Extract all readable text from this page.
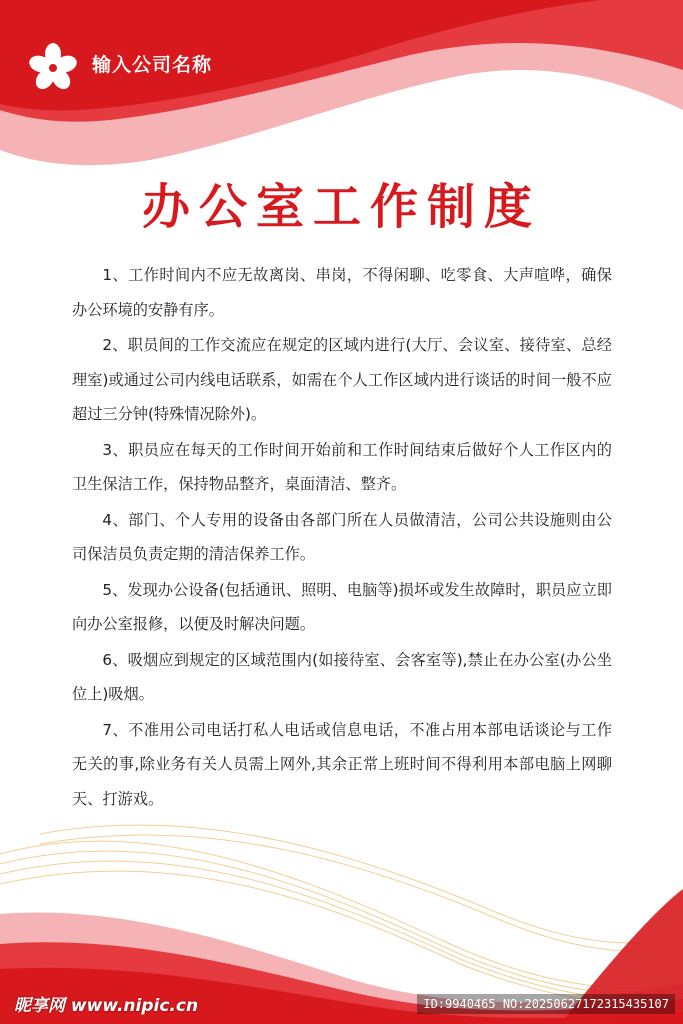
输入公司名称
办公室工作制度
1、工作时间内不应无故离岗、串岗，不得闲聊、吃零食、大声喧哗，确保办公环境的安静有序。
2、职员间的工作交流应在规定的区域内进行(大厅、会议室、接待室、总经理室)或通过公司内线电话联系，如需在个人工作区域内进行谈话的时间一般不应超过三分钟(特殊情况除外)。
3、职员应在每天的工作时间开始前和工作时间结束后做好个人工作区内的卫生保洁工作，保持物品整齐，桌面清洁、整齐。
4、部门、个人专用的设备由各部门所在人员做清洁，公司公共设施则由公司保洁员负责定期的清洁保养工作。
5、发现办公设备(包括通讯、照明、电脑等)损坏或发生故障时，职员应立即向办公室报修，以便及时解决问题。
6、吸烟应到规定的区域范围内(如接待室、会客室等),禁止在办公室(办公坐位上)吸烟。
7、不准用公司电话打私人电话或信息电话，不准占用本部电话谈论与工作无关的事,除业务有关人员需上网外,其余正常上班时间不得利用本部电脑上网聊天、打游戏。
昵享网 www.nipic.cn	ID:9940465 NO:20250627172315435107
